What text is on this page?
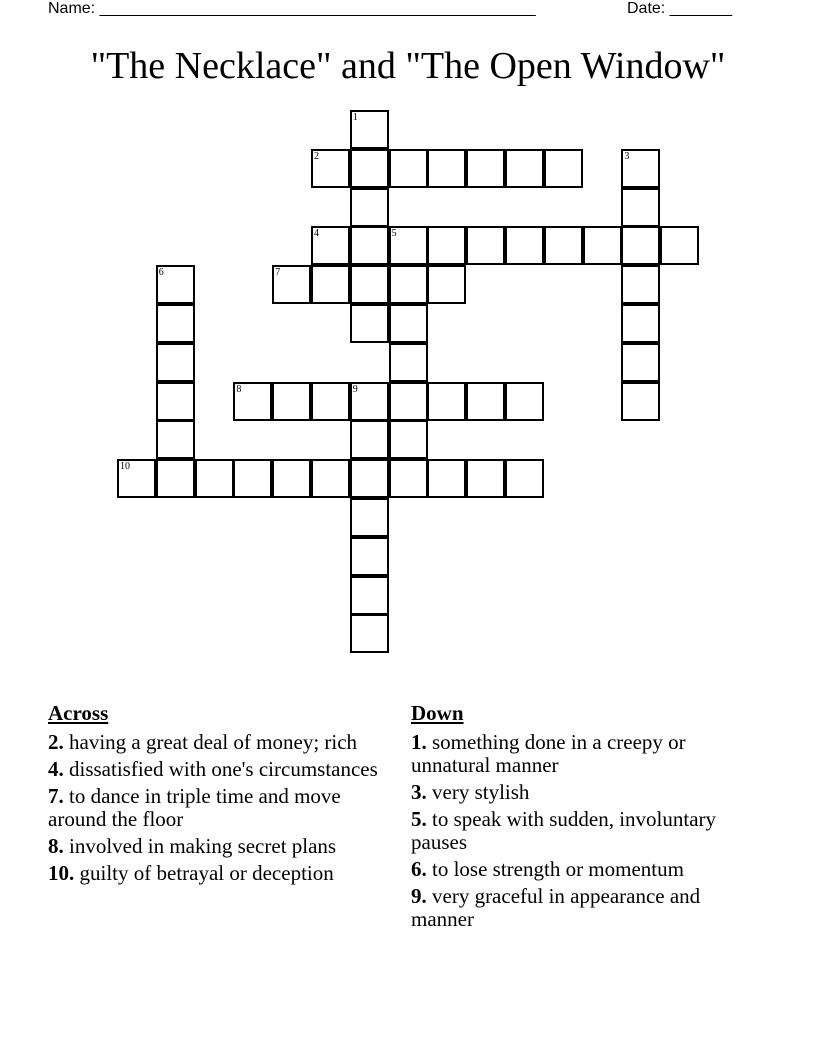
Name: _________________________________________________	Date: _______
"The Necklace" and "The Open Window"
1
2	3
4	5
6	7
8	9
10
Across
2. having a great deal of money; rich
4. dissatisfied with one's circumstances
7. to dance in triple time and move around the floor
8. involved in making secret plans
10. guilty of betrayal or deception
Down
1. something done in a creepy or unnatural manner
3. very stylish
5. to speak with sudden, involuntary pauses
6. to lose strength or momentum
9. very graceful in appearance and manner
